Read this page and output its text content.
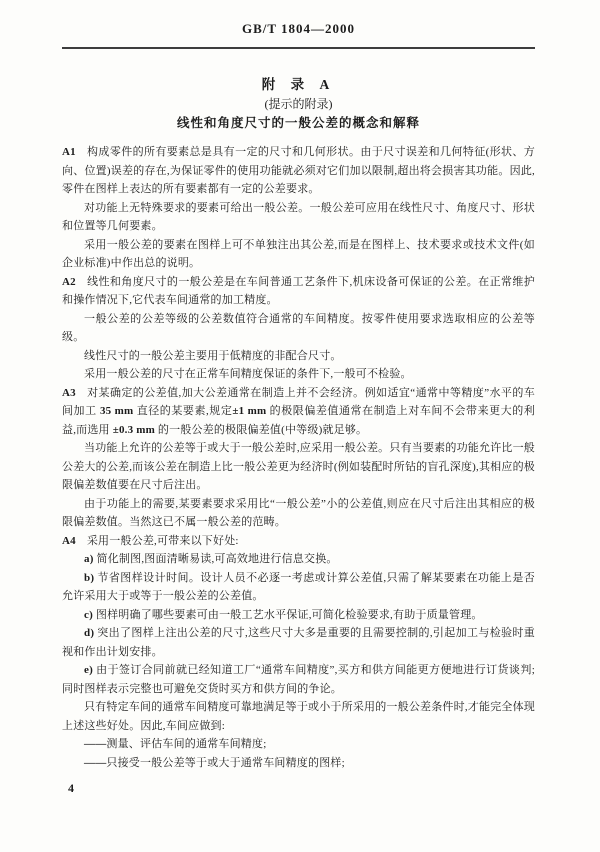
GB/T 1804—2000
附 录 A
(提示的附录)
线性和角度尺寸的一般公差的概念和解释

A1 构成零件的所有要素总是具有一定的尺寸和几何形状。由于尺寸误差和几何特征(形状、方向、位置)误差的存在,为保证零件的使用功能就必须对它们加以限制,超出将会损害其功能。因此,零件在图样上表达的所有要素都有一定的公差要求。

对功能上无特殊要求的要素可给出一般公差。一般公差可应用在线性尺寸、角度尺寸、形状和位置等几何要素。

采用一般公差的要素在图样上可不单独注出其公差,而是在图样上、技术要求或技术文件(如企业标准)中作出总的说明。

A2 线性和角度尺寸的一般公差是在车间普通工艺条件下,机床设备可保证的公差。在正常维护和操作情况下,它代表车间通常的加工精度。

一般公差的公差等级的公差数值符合通常的车间精度。按零件使用要求选取相应的公差等级。

线性尺寸的一般公差主要用于低精度的非配合尺寸。

采用一般公差的尺寸在正常车间精度保证的条件下,一般可不检验。

A3 对某确定的公差值,加大公差通常在制造上并不会经济。例如适宜“通常中等精度”水平的车间加工 35 mm 直径的某要素,规定±1 mm 的极限偏差值通常在制造上对车间不会带来更大的利益,而选用 ±0.3 mm 的一般公差的极限偏差值(中等级)就足够。

当功能上允许的公差等于或大于一般公差时,应采用一般公差。只有当要素的功能允许比一般公差大的公差,而该公差在制造上比一般公差更为经济时(例如装配时所钻的盲孔深度),其相应的极限偏差数值要在尺寸后注出。

由于功能上的需要,某要素要求采用比“一般公差”小的公差值,则应在尺寸后注出其相应的极限偏差数值。当然这已不属一般公差的范畴。

A4 采用一般公差,可带来以下好处:

a) 简化制图,图面清晰易读,可高效地进行信息交换。

b) 节省图样设计时间。设计人员不必逐一考虑或计算公差值,只需了解某要素在功能上是否允许采用大于或等于一般公差的公差值。

c) 图样明确了哪些要素可由一般工艺水平保证,可简化检验要求,有助于质量管理。

d) 突出了图样上注出公差的尺寸,这些尺寸大多是重要的且需要控制的,引起加工与检验时重视和作出计划安排。

e) 由于签订合同前就已经知道工厂“通常车间精度”,买方和供方间能更方便地进行订货谈判;同时图样表示完整也可避免交货时买方和供方间的争论。

只有特定车间的通常车间精度可靠地满足等于或小于所采用的一般公差条件时,才能完全体现上述这些好处。因此,车间应做到:

——测量、评估车间的通常车间精度;

——只接受一般公差等于或大于通常车间精度的图样;

4
